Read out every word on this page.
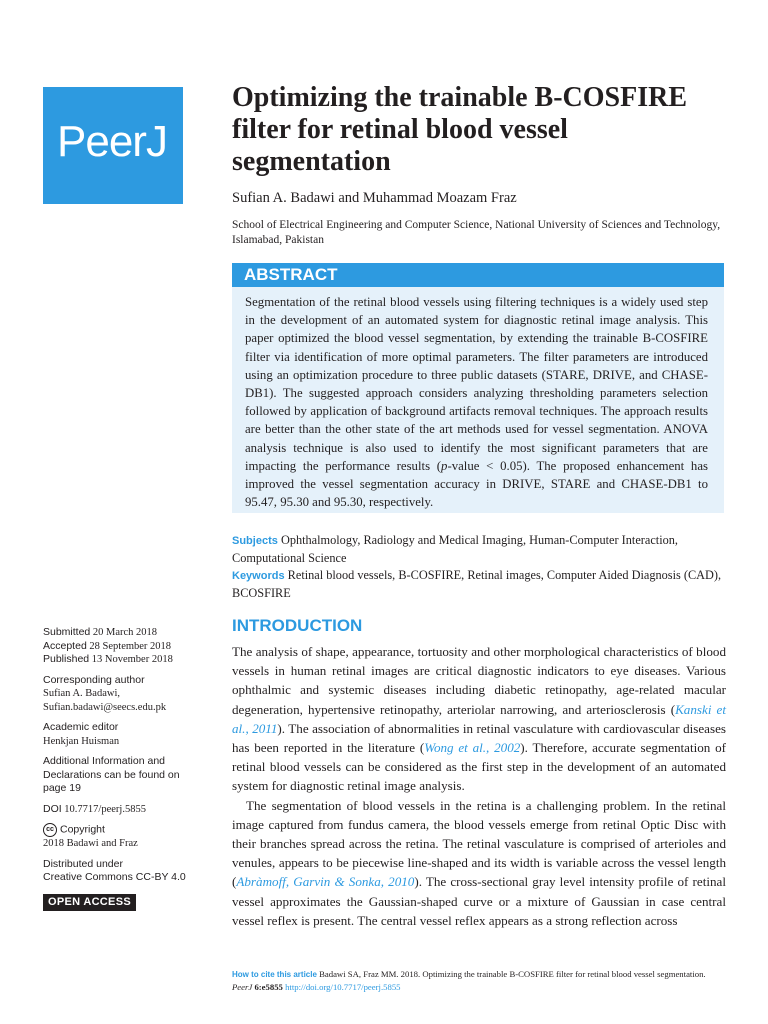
PeerJ
Optimizing the trainable B-COSFIRE filter for retinal blood vessel segmentation
Sufian A. Badawi and Muhammad Moazam Fraz
School of Electrical Engineering and Computer Science, National University of Sciences and Technology, Islamabad, Pakistan
ABSTRACT
Segmentation of the retinal blood vessels using filtering techniques is a widely used step in the development of an automated system for diagnostic retinal image analysis. This paper optimized the blood vessel segmentation, by extending the trainable B-COSFIRE filter via identification of more optimal parameters. The filter parameters are introduced using an optimization procedure to three public datasets (STARE, DRIVE, and CHASE-DB1). The suggested approach considers analyzing thresholding parameters selection followed by application of background artifacts removal techniques. The approach results are better than the other state of the art methods used for vessel segmentation. ANOVA analysis technique is also used to identify the most significant parameters that are impacting the performance results (p-value < 0.05). The proposed enhancement has improved the vessel segmentation accuracy in DRIVE, STARE and CHASE-DB1 to 95.47, 95.30 and 95.30, respectively.
Subjects Ophthalmology, Radiology and Medical Imaging, Human-Computer Interaction, Computational Science
Keywords Retinal blood vessels, B-COSFIRE, Retinal images, Computer Aided Diagnosis (CAD), BCOSFIRE
Submitted 20 March 2018
Accepted 28 September 2018
Published 13 November 2018
Corresponding author
Sufian A. Badawi,
Sufian.badawi@seecs.edu.pk
Academic editor
Henkjan Huisman
Additional Information and Declarations can be found on page 19
DOI 10.7717/peerj.5855
cc Copyright
2018 Badawi and Fraz
Distributed under
Creative Commons CC-BY 4.0
OPEN ACCESS
INTRODUCTION

The analysis of shape, appearance, tortuosity and other morphological characteristics of blood vessels in human retinal images are critical diagnostic indicators to eye diseases. Various ophthalmic and systemic diseases including diabetic retinopathy, age-related macular degeneration, hypertensive retinopathy, arteriolar narrowing, and arteriosclerosis (Kanski et al., 2011). The association of abnormalities in retinal vasculature with cardiovascular diseases has been reported in the literature (Wong et al., 2002). Therefore, accurate segmentation of retinal blood vessels can be considered as the first step in the development of an automated system for diagnostic retinal image analysis.

The segmentation of blood vessels in the retina is a challenging problem. In the retinal image captured from fundus camera, the blood vessels emerge from retinal Optic Disc with their branches spread across the retina. The retinal vasculature is comprised of arterioles and venules, appears to be piecewise line-shaped and its width is variable across the vessel length (Abràmoff, Garvin & Sonka, 2010). The cross-sectional gray level intensity profile of retinal vessel approximates the Gaussian-shaped curve or a mixture of Gaussian in case central vessel reflex is present. The central vessel reflex appears as a strong reflection across

How to cite this article Badawi SA, Fraz MM. 2018. Optimizing the trainable B-COSFIRE filter for retinal blood vessel segmentation.
PeerJ 6:e5855 http://doi.org/10.7717/peerj.5855
